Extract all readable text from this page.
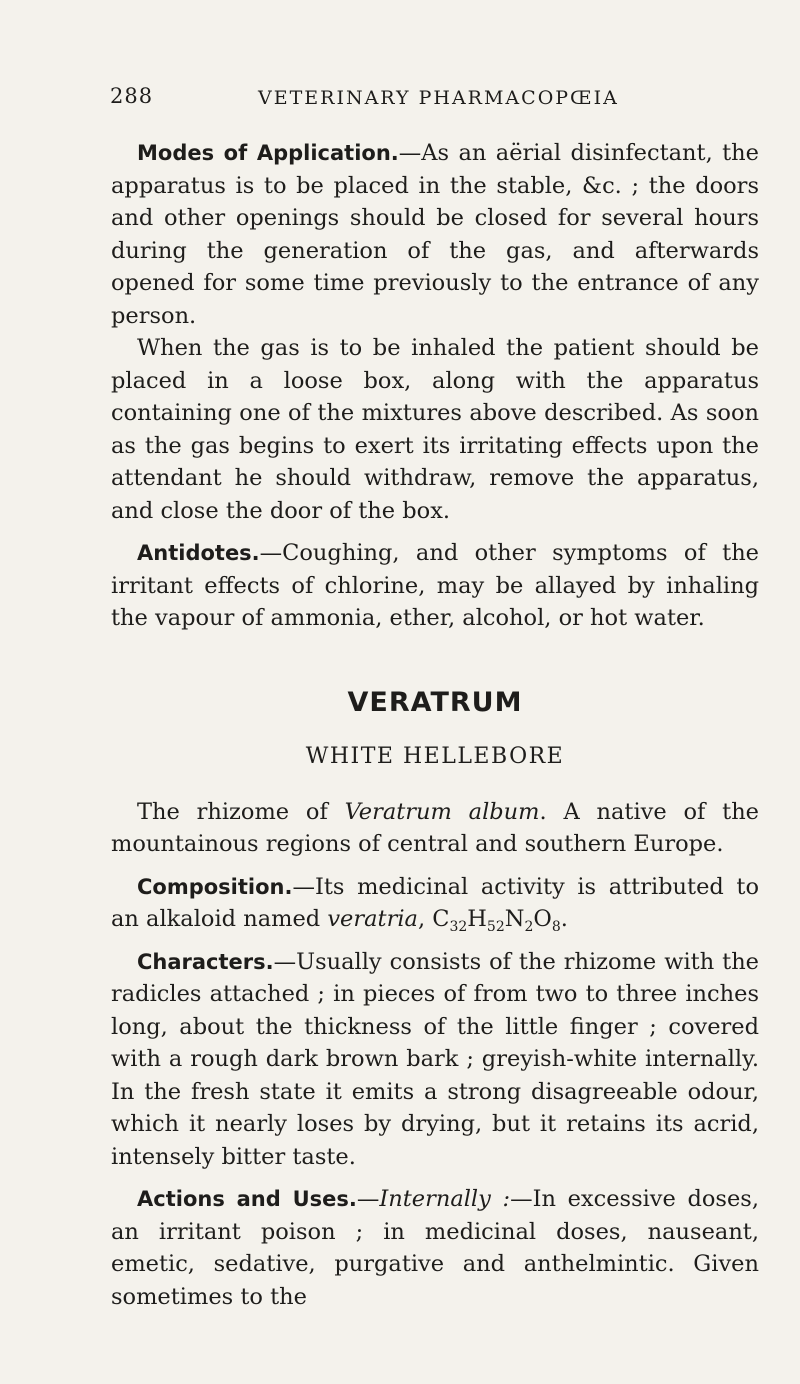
288	VETERINARY PHARMACOPŒIA

Modes of Application.—As an aërial disinfectant, the apparatus is to be placed in the stable, &c. ; the doors and other openings should be closed for several hours during the generation of the gas, and afterwards opened for some time previously to the entrance of any person.

When the gas is to be inhaled the patient should be placed in a loose box, along with the apparatus containing one of the mixtures above described. As soon as the gas begins to exert its irritating effects upon the attendant he should withdraw, remove the apparatus, and close the door of the box.

Antidotes.—Coughing, and other symptoms of the irritant effects of chlorine, may be allayed by inhaling the vapour of ammonia, ether, alcohol, or hot water.

VERATRUM
WHITE HELLEBORE

The rhizome of Veratrum album. A native of the mountainous regions of central and southern Europe.

Composition.—Its medicinal activity is attributed to an alkaloid named veratria, $C_{32}H_{52}N_2O_8$.

Characters.—Usually consists of the rhizome with the radicles attached ; in pieces of from two to three inches long, about the thickness of the little finger ; covered with a rough dark brown bark ; greyish-white internally. In the fresh state it emits a strong disagreeable odour, which it nearly loses by drying, but it retains its acrid, intensely bitter taste.

Actions and Uses.—Internally :—In excessive doses, an irritant poison ; in medicinal doses, nauseant, emetic, sedative, purgative and anthelmintic. Given sometimes to the
